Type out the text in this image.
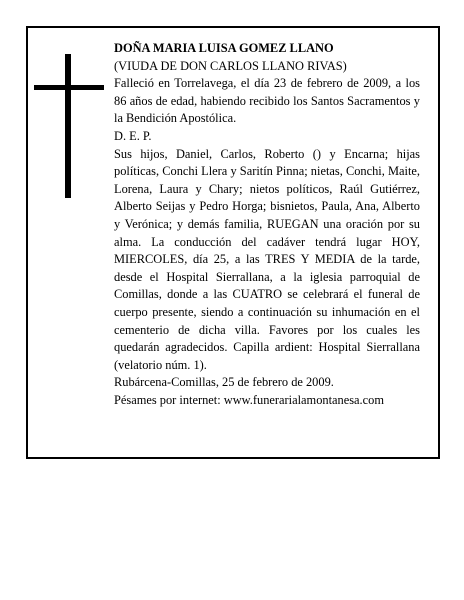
DOÑA MARIA LUISA GOMEZ LLANO

(VIUDA DE DON CARLOS LLANO RIVAS)

Falleció en Torrelavega, el día 23 de febrero de 2009, a los 86 años de edad, habiendo recibido los Santos Sacramentos y la Bendición Apostólica.

D. E. P.

Sus hijos, Daniel, Carlos, Roberto () y Encarna; hijas políticas, Conchi Llera y Saritín Pinna; nietas, Conchi, Maite, Lorena, Laura y Chary; nietos políticos, Raúl Gutiérrez, Alberto Seijas y Pedro Horga; bisnietos, Paula, Ana, Alberto y Verónica; y demás familia, RUEGAN una oración por su alma. La conducción del cadáver tendrá lugar HOY, MIERCOLES, día 25, a las TRES Y MEDIA de la tarde, desde el Hospital Sierrallana, a la iglesia parroquial de Comillas, donde a las CUATRO se celebrará el funeral de cuerpo presente, siendo a continuación su inhumación en el cementerio de dicha villa. Favores por los cuales les quedarán agradecidos. Capilla ardient: Hospital Sierrallana (velatorio núm. 1).

Rubárcena-Comillas, 25 de febrero de 2009.

Pésames por internet: www.funerarialamontanesa.com
